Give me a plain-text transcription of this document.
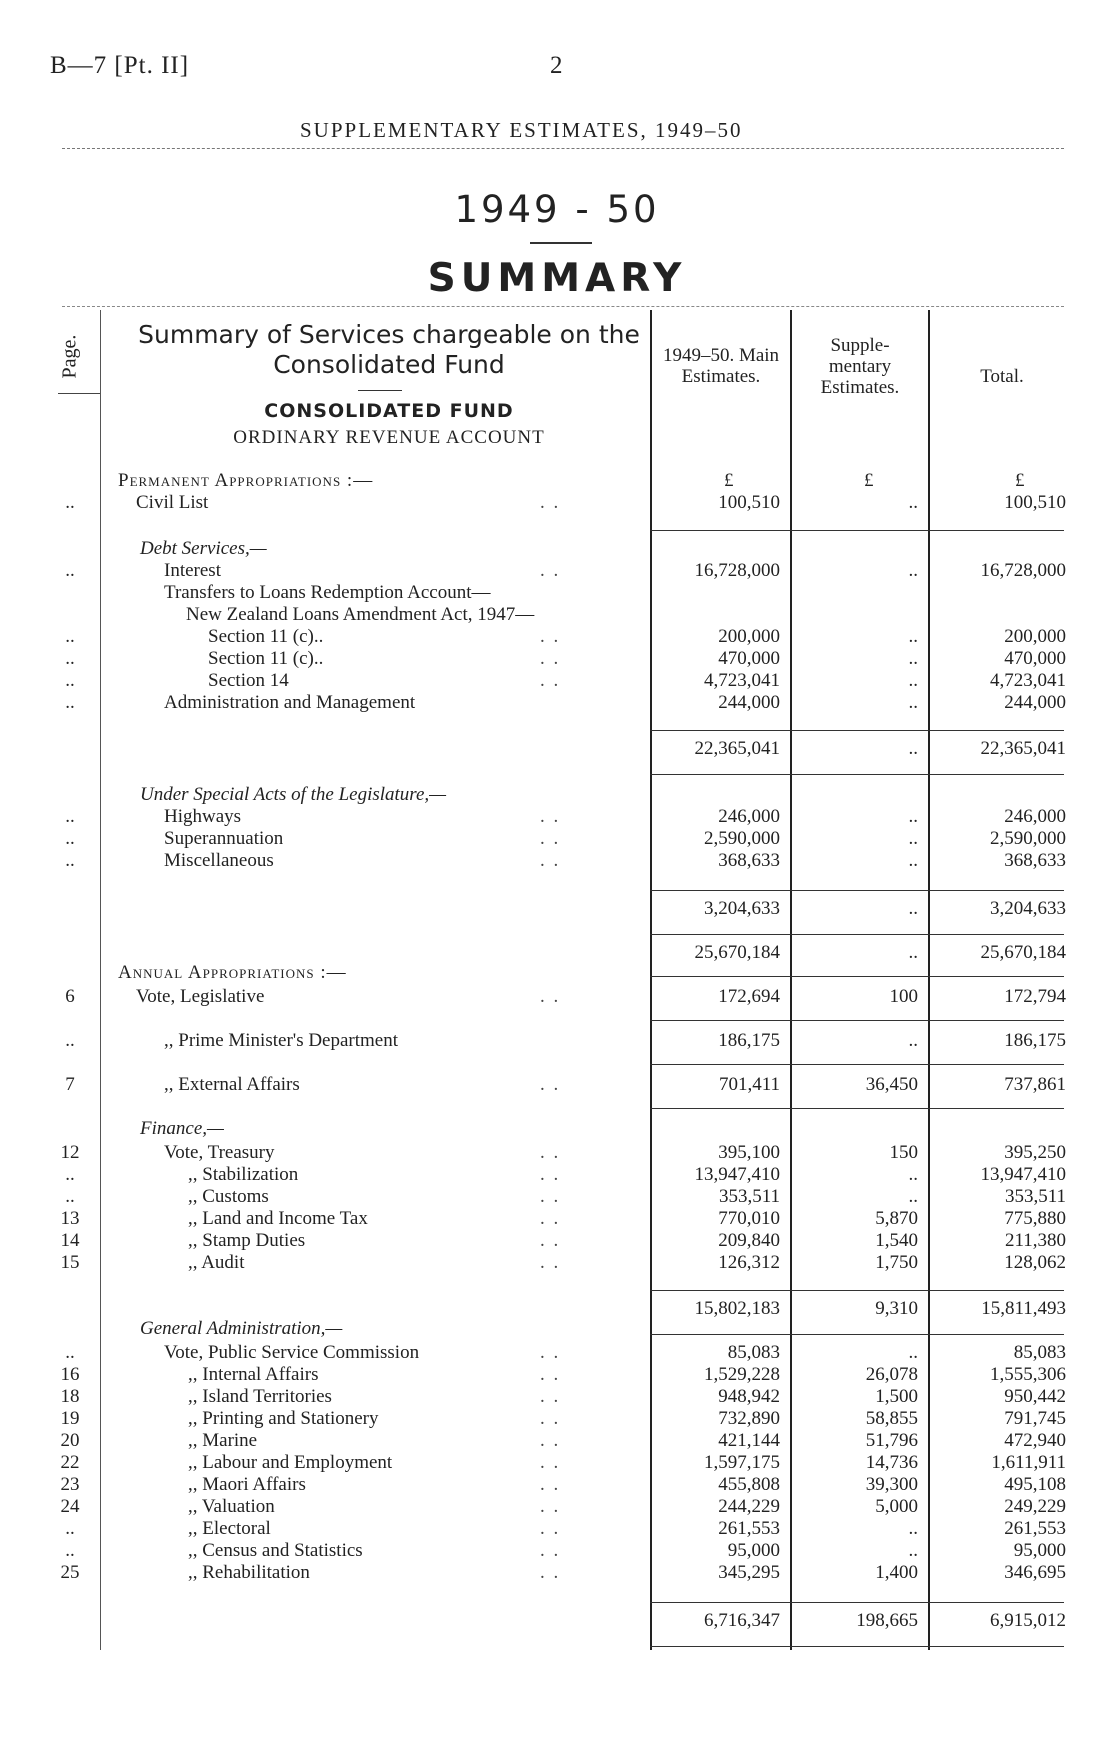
B—7 [Pt. II]	2
SUPPLEMENTARY ESTIMATES, 1949–50
1949 - 50
SUMMARY
Page.
Summary of Services chargeable on the Consolidated Fund
CONSOLIDATED FUND
ORDINARY REVENUE ACCOUNT
1949–50. Main Estimates.
Supple-mentary Estimates.
Total.
£	£	£
Permanent Appropriations :—
Debt Services,—
Transfers to Loans Redemption Account—
New Zealand Loans Amendment Act, 1947—
Under Special Acts of the Legislature,—
Annual Appropriations :—
Finance,—
General Administration,—
..	Civil List	. .	100,510	..	100,510
..	Interest	. .	16,728,000	..	16,728,000
..	Section 11 (c)..	. .	200,000	..	200,000
..	Section 11 (c)..	. .	470,000	..	470,000
..	Section 14	. .	4,723,041	..	4,723,041
..	Administration and Management	244,000	..	244,000
22,365,041	..	22,365,041
..	Highways	. .	246,000	..	246,000
..	Superannuation	. .	2,590,000	..	2,590,000
..	Miscellaneous	. .	368,633	..	368,633
3,204,633	..	3,204,633
25,670,184	..	25,670,184
6	Vote, Legislative	. .	172,694	100	172,794
..	,, Prime Minister's Department	186,175	..	186,175
7	,, External Affairs	. .	701,411	36,450	737,861
12	Vote, Treasury	. .	395,100	150	395,250
..	,, Stabilization	. .	13,947,410	..	13,947,410
..	,, Customs	. .	353,511	..	353,511
13	,, Land and Income Tax	. .	770,010	5,870	775,880
14	,, Stamp Duties	. .	209,840	1,540	211,380
15	,, Audit	. .	126,312	1,750	128,062
15,802,183	9,310	15,811,493
..	Vote, Public Service Commission	. .	85,083	..	85,083
16	,, Internal Affairs	. .	1,529,228	26,078	1,555,306
18	,, Island Territories	. .	948,942	1,500	950,442
19	,, Printing and Stationery	. .	732,890	58,855	791,745
20	,, Marine	. .	421,144	51,796	472,940
22	,, Labour and Employment	. .	1,597,175	14,736	1,611,911
23	,, Maori Affairs	. .	455,808	39,300	495,108
24	,, Valuation	. .	244,229	5,000	249,229
..	,, Electoral	. .	261,553	..	261,553
..	,, Census and Statistics	. .	95,000	..	95,000
25	,, Rehabilitation	. .	345,295	1,400	346,695
6,716,347	198,665	6,915,012
